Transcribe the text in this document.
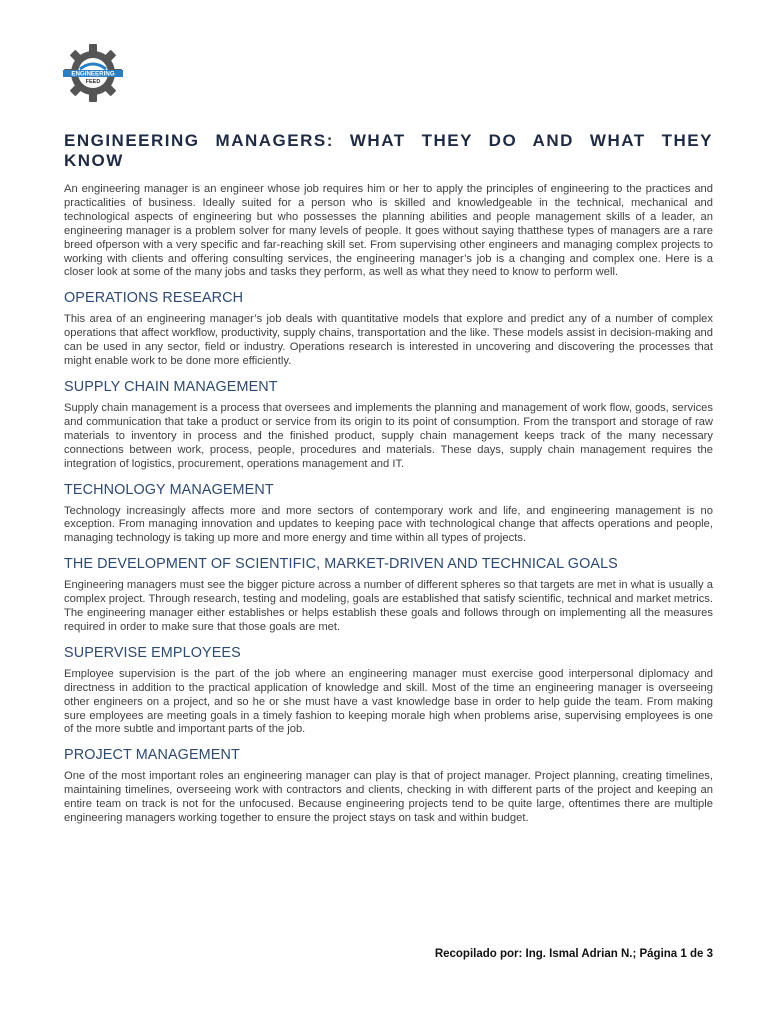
ENGINEERING
FEED
ENGINEERING MANAGERS: WHAT THEY DO AND WHAT THEY KNOW

An engineering manager is an engineer whose job requires him or her to apply the principles of engineering to the practices and practicalities of business. Ideally suited for a person who is skilled and knowledgeable in the technical, mechanical and technological aspects of engineering but who possesses the planning abilities and people management skills of a leader, an engineering manager is a problem solver for many levels of people. It goes without saying thatthese types of managers are a rare breed ofperson with a very specific and far-reaching skill set. From supervising other engineers and managing complex projects to working with clients and offering consulting services, the engineering manager’s job is a changing and complex one. Here is a closer look at some of the many jobs and tasks they perform, as well as what they need to know to perform well.

OPERATIONS RESEARCH

This area of an engineering manager’s job deals with quantitative models that explore and predict any of a number of complex operations that affect workflow, productivity, supply chains, transportation and the like. These models assist in decision-making and can be used in any sector, field or industry. Operations research is interested in uncovering and discovering the processes that might enable work to be done more efficiently.

SUPPLY CHAIN MANAGEMENT

Supply chain management is a process that oversees and implements the planning and management of work flow, goods, services and communication that take a product or service from its origin to its point of consumption. From the transport and storage of raw materials to inventory in process and the finished product, supply chain management keeps track of the many necessary connections between work, process, people, procedures and materials. These days, supply chain management requires the integration of logistics, procurement, operations management and IT.

TECHNOLOGY MANAGEMENT

Technology increasingly affects more and more sectors of contemporary work and life, and engineering management is no exception. From managing innovation and updates to keeping pace with technological change that affects operations and people, managing technology is taking up more and more energy and time within all types of projects.

THE DEVELOPMENT OF SCIENTIFIC, MARKET-DRIVEN AND TECHNICAL GOALS

Engineering managers must see the bigger picture across a number of different spheres so that targets are met in what is usually a complex project. Through research, testing and modeling, goals are established that satisfy scientific, technical and market metrics. The engineering manager either establishes or helps establish these goals and follows through on implementing all the measures required in order to make sure that those goals are met.

SUPERVISE EMPLOYEES

Employee supervision is the part of the job where an engineering manager must exercise good interpersonal diplomacy and directness in addition to the practical application of knowledge and skill. Most of the time an engineering manager is overseeing other engineers on a project, and so he or she must have a vast knowledge base in order to help guide the team. From making sure employees are meeting goals in a timely fashion to keeping morale high when problems arise, supervising employees is one of the more subtle and important parts of the job.

PROJECT MANAGEMENT

One of the most important roles an engineering manager can play is that of project manager. Project planning, creating timelines, maintaining timelines, overseeing work with contractors and clients, checking in with different parts of the project and keeping an entire team on track is not for the unfocused. Because engineering projects tend to be quite large, oftentimes there are multiple engineering managers working together to ensure the project stays on task and within budget.

Recopilado por: Ing. Ismal Adrian N.; Página 1 de 3
